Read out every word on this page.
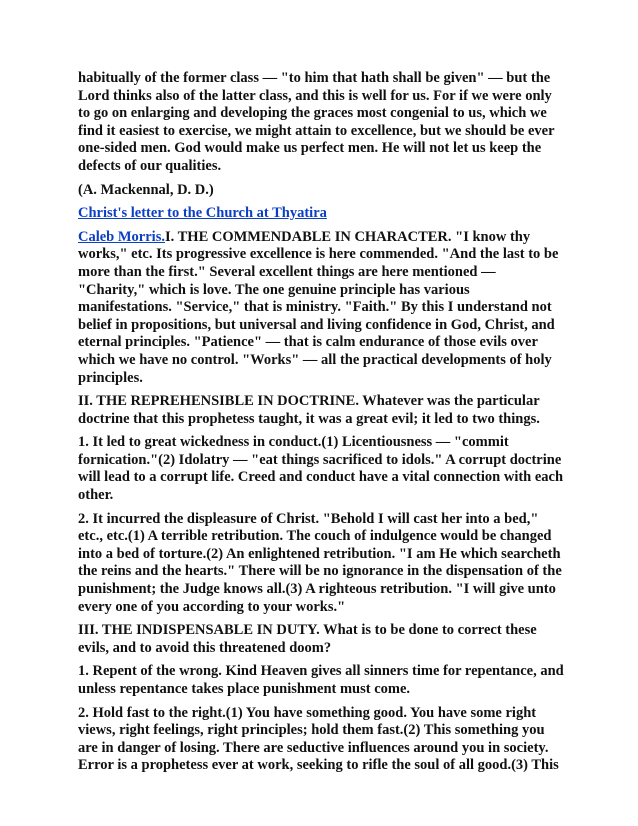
habitually of the former class — "to him that hath shall be given" — but the Lord thinks also of the latter class, and this is well for us. For if we were only to go on enlarging and developing the graces most congenial to us, which we find it easiest to exercise, we might attain to excellence, but we should be ever one-sided men. God would make us perfect men. He will not let us keep the defects of our qualities.

(A. Mackennal, D. D.)

Christ's letter to the Church at Thyatira

Caleb Morris.I. THE COMMENDABLE IN CHARACTER. "I know thy works," etc. Its progressive excellence is here commended. "And the last to be more than the first." Several excellent things are here mentioned — "Charity," which is love. The one genuine principle has various manifestations. "Service," that is ministry. "Faith." By this I understand not belief in propositions, but universal and living confidence in God, Christ, and eternal principles. "Patience" — that is calm endurance of those evils over which we have no control. "Works" — all the practical developments of holy principles.

II. THE REPREHENSIBLE IN DOCTRINE. Whatever was the particular doctrine that this prophetess taught, it was a great evil; it led to two things.

1. It led to great wickedness in conduct.(1) Licentiousness — "commit fornication."(2) Idolatry — "eat things sacrificed to idols." A corrupt doctrine will lead to a corrupt life. Creed and conduct have a vital connection with each other.

2. It incurred the displeasure of Christ. "Behold I will cast her into a bed," etc., etc.(1) A terrible retribution. The couch of indulgence would be changed into a bed of torture.(2) An enlightened retribution. "I am He which searcheth the reins and the hearts." There will be no ignorance in the dispensation of the punishment; the Judge knows all.(3) A righteous retribution. "I will give unto every one of you according to your works."

III. THE INDISPENSABLE IN DUTY. What is to be done to correct these evils, and to avoid this threatened doom?

1. Repent of the wrong. Kind Heaven gives all sinners time for repentance, and unless repentance takes place punishment must come.

2. Hold fast to the right.(1) You have something good. You have some right views, right feelings, right principles; hold them fast.(2) This something you are in danger of losing. There are seductive influences around you in society. Error is a prophetess ever at work, seeking to rifle the soul of all good.(3) This
